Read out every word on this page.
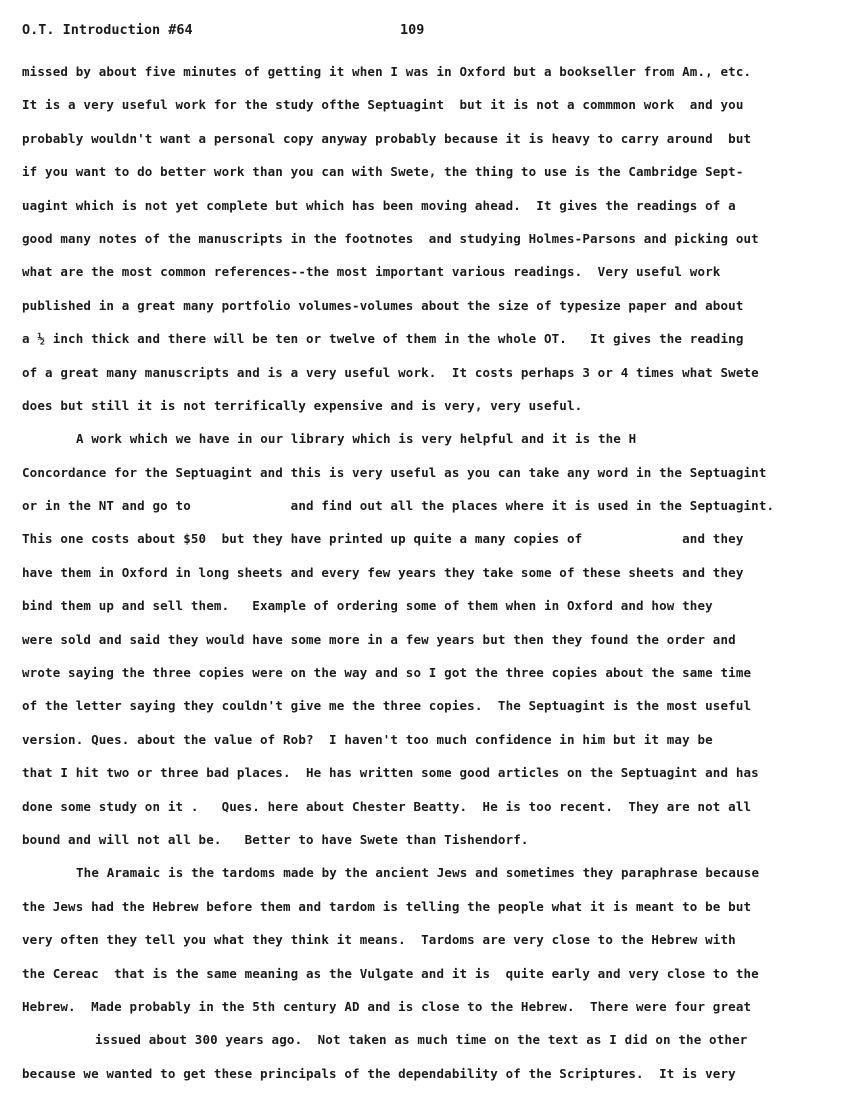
O.T. Introduction #64	109
missed by about five minutes of getting it when I was in Oxford but a bookseller from Am., etc.
It is a very useful work for the study ofthe Septuagint  but it is not a commmon work  and you
probably wouldn't want a personal copy anyway probably because it is heavy to carry around  but
if you want to do better work than you can with Swete, the thing to use is the Cambridge Sept-
uagint which is not yet complete but which has been moving ahead.  It gives the readings of a
good many notes of the manuscripts in the footnotes  and studying Holmes-Parsons and picking out
what are the most common references--the most important various readings.  Very useful work
published in a great many portfolio volumes-volumes about the size of typesize paper and about
a ½ inch thick and there will be ten or twelve of them in the whole OT.   It gives the reading
of a great many manuscripts and is a very useful work.  It costs perhaps 3 or 4 times what Swete
does but still it is not terrifically expensive and is very, very useful.
A work which we have in our library which is very helpful and it is the H
Concordance for the Septuagint and this is very useful as you can take any word in the Septuagint
or in the NT and go to             and find out all the places where it is used in the Septuagint.
This one costs about $50  but they have printed up quite a many copies of             and they
have them in Oxford in long sheets and every few years they take some of these sheets and they
bind them up and sell them.   Example of ordering some of them when in Oxford and how they
were sold and said they would have some more in a few years but then they found the order and
wrote saying the three copies were on the way and so I got the three copies about the same time
of the letter saying they couldn't give me the three copies.  The Septuagint is the most useful
version. Ques. about the value of Rob?  I haven't too much confidence in him but it may be
that I hit two or three bad places.  He has written some good articles on the Septuagint and has
done some study on it .   Ques. here about Chester Beatty.  He is too recent.  They are not all
bound and will not all be.   Better to have Swete than Tishendorf.
The Aramaic is the tardoms made by the ancient Jews and sometimes they paraphrase because
the Jews had the Hebrew before them and tardom is telling the people what it is meant to be but
very often they tell you what they think it means.  Tardoms are very close to the Hebrew with
the Cereac  that is the same meaning as the Vulgate and it is  quite early and very close to the
Hebrew.  Made probably in the 5th century AD and is close to the Hebrew.  There were four great
issued about 300 years ago.  Not taken as much time on the text as I did on the other
because we wanted to get these principals of the dependability of the Scriptures.  It is very
